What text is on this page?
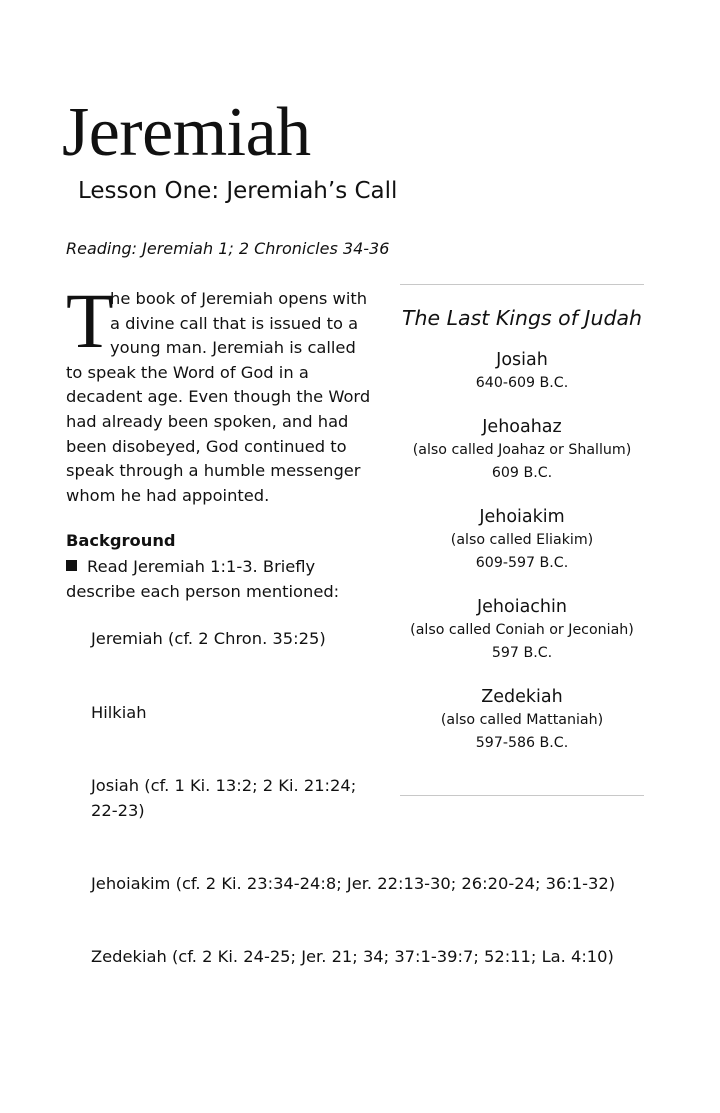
Jeremiah
Lesson One: Jeremiah’s Call
Reading: Jeremiah 1; 2 Chronicles 34-36
T

he book of Jeremiah opens with a divine call that is issued to a young man. Jeremiah is called to speak the Word of God in a decadent age. Even though the Word had already been spoken, and had been disobeyed, God continued to speak through a humble messenger whom he had appointed.

Background
Read Jeremiah 1:1-3. Briefly describe each person mentioned:
Jeremiah (cf. 2 Chron. 35:25)
Hilkiah
Josiah (cf. 1 Ki. 13:2; 2 Ki. 21:24; 22-23)
Jehoiakim (cf. 2 Ki. 23:34-24:8; Jer. 22:13-30; 26:20-24; 36:1-32)
Zedekiah (cf. 2 Ki. 24-25; Jer. 21; 34; 37:1-39:7; 52:11; La. 4:10)
The Last Kings of Judah
Josiah
640-609 B.C.
Jehoahaz
(also called Joahaz or Shallum)
609 B.C.
Jehoiakim
(also called Eliakim)
609-597 B.C.
Jehoiachin
(also called Coniah or Jeconiah)
597 B.C.
Zedekiah
(also called Mattaniah)
597-586 B.C.
